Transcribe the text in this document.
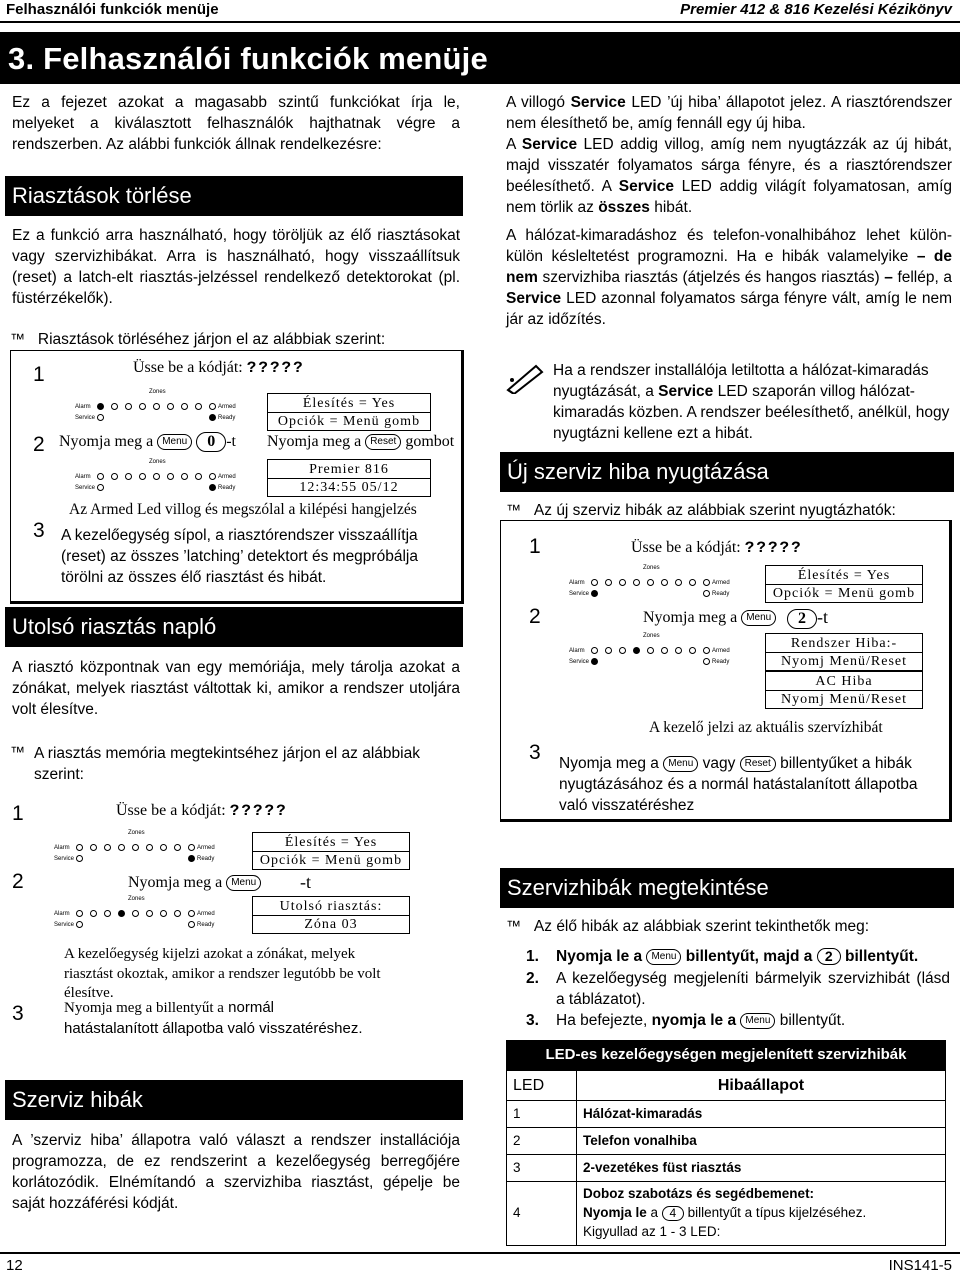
Felhasználói funkciók menüje	Premier 412 & 816 Kezelési Kézikönyv
3. Felhasználói funkciók menüje
Ez a fejezet azokat a magasabb szintű funkciókat írja le, melyeket a kiválasztott felhasználók hajthatnak végre a rendszerben. Az alábbi funkciók állnak rendelkezésre:
Riasztások törlése
Ez a funkció arra használható, hogy töröljük az élő riasztásokat vagy szervizhibákat. Arra is használható, hogy visszaállítsuk (reset) a latch-elt riasztás-jelzéssel rendelkező detektorokat (pl. füstérzékelők).
™ Riasztások törléséhez járjon el az alábbiak szerint:
1	Üsse be a kódját: ?????
Zones
Alarm
Service
Armed
Ready
Élesítés = Yes
Opciók = Menü gomb
2 Nyomja meg a Menu 0 -t Nyomja meg a Reset gombot
Zones
Alarm
Service
Armed
Ready
Premier 816
12:34:55 05/12
Az Armed Led villog és megszólal a kilépési hangjelzés
3 A kezelőegység sípol, a riasztórendszer visszaállítja (reset) az összes ’latching’ detektort és megpróbálja törölni az összes élő riasztást és hibát.
Utolsó riasztás napló
A riasztó központnak van egy memóriája, mely tárolja azokat a zónákat, melyek riasztást váltottak ki, amikor a rendszer utoljára volt élesítve.
™ A riasztás memória megtekintséhez járjon el az alábbiak szerint:
1	Üsse be a kódját: ?????
Zones
Alarm
Service
Armed
Ready
Élesítés = Yes
Opciók = Menü gomb
2	Nyomja meg a Menu -t
Zones
Alarm
Service
Armed
Ready
Utolsó riasztás:
Zóna 03
A kezelőegység kijelzi azokat a zónákat, melyek riasztást okoztak, amikor a rendszer legutóbb be volt élesítve.
3	Nyomja meg a billentyűt a normál hatástalanított állapotba való visszatéréshez.
Szerviz hibák
A ’szerviz hiba’ állapotra való választ a rendszer installációja programozza, de ez rendszerint a kezelőegység berregőjére korlátozódik. Elnémítandó a szervizhiba riasztást, gépelje be saját hozzáférési kódját.
A villogó Service LED ’új hiba’ állapotot jelez. A riasztórendszer nem élesíthető be, amíg fennáll egy új hiba.
A Service LED addig villog, amíg nem nyugtázzák az új hibát, majd visszatér folyamatos sárga fényre, és a riasztórendszer beélesíthető. A Service LED addig világít folyamatosan, amíg nem törlik az összes hibát.
A hálózat-kimaradáshoz és telefon-vonalhibához lehet külön-külön késleltetést programozni. Ha e hibák valamelyike – de nem szervizhiba riasztás (átjelzés és hangos riasztás) – fellép, a Service LED azonnal folyamatos sárga fényre vált, amíg le nem jár az időzítés.
Ha a rendszer installálója letiltotta a hálózat-kimaradás nyugtázását, a Service LED szaporán villog hálózat-kimaradás közben. A rendszer beélesíthető, anélkül, hogy nyugtázni kellene ezt a hibát.
Új szerviz hiba nyugtázása
™ Az új szerviz hibák az alábbiak szerint nyugtázhatók:
1	Üsse be a kódját: ?????
Zones
Alarm
Service
Armed
Ready
Élesítés = Yes
Opciók = Menü gomb
2	Nyomja meg a Menu	2 -t
Zones
Alarm
Service
Armed
Ready
Rendszer Hiba:-
Nyomj Menü/Reset
AC Hiba
Nyomj Menü/Reset
A kezelő jelzi az aktuális szervízhibát
3 Nyomja meg a Menu vagy Reset billentyűket a hibák nyugtázásához és a normál hatástalanított állapotba való visszatéréshez
Szervizhibák megtekintése
™ Az élő hibák az alábbiak szerint tekinthetők meg:
1. Nyomja le a Menu billentyűt, majd a 2 billentyűt.
2. A kezelőegység megjeleníti bármelyik szervizhibát (lásd a táblázatot).
3. Ha befejezte, nyomja le a Menu billentyűt.
LED-es kezelőegységen megjelenített szervizhibák
LED	Hibaállapot
1	Hálózat-kimaradás
2	Telefon vonalhiba
3	2-vezetékes füst riasztás
4	Doboz szabotázs és segédbemenet:
Nyomja le a 4 billentyűt a típus kijelzéséhez.
Kigyullad az 1 - 3 LED:
12	INS141-5
